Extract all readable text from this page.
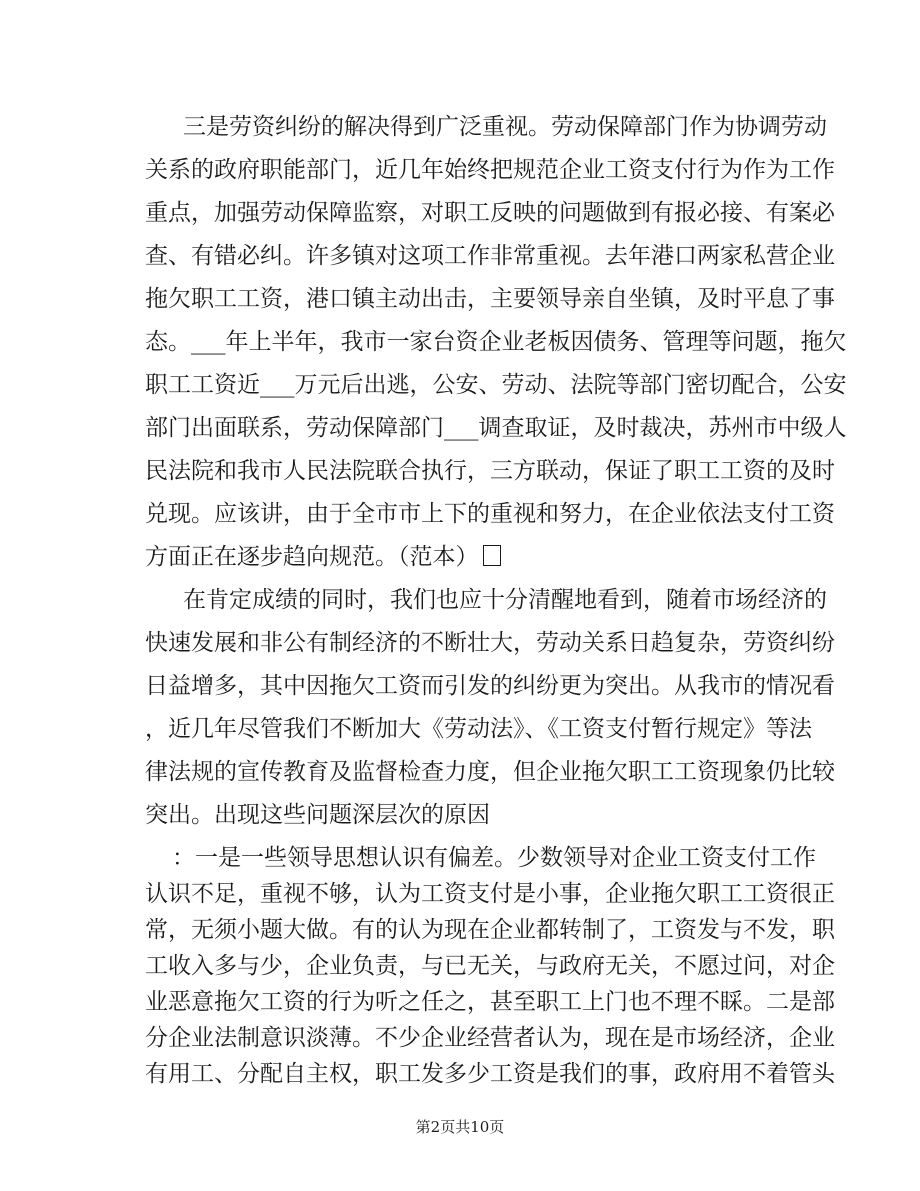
三是劳资纠纷的解决得到广泛重视。劳动保障部门作为协调劳动
关系的政府职能部门，近几年始终把规范企业工资支付行为作为工作
重点，加强劳动保障监察，对职工反映的问题做到有报必接、有案必
查、有错必纠。许多镇对这项工作非常重视。去年港口两家私营企业
拖欠职工工资，港口镇主动出击，主要领导亲自坐镇，及时平息了事
态。___年上半年，我市一家台资企业老板因债务、管理等问题，拖欠
职工工资近___万元后出逃，公安、劳动、法院等部门密切配合，公安
部门出面联系，劳动保障部门___调查取证，及时裁决，苏州市中级人
民法院和我市人民法院联合执行，三方联动，保证了职工工资的及时
兑现。应该讲，由于全市市上下的重视和努力，在企业依法支付工资
方面正在逐步趋向规范。（范本）
在肯定成绩的同时，我们也应十分清醒地看到，随着市场经济的
快速发展和非公有制经济的不断壮大，劳动关系日趋复杂，劳资纠纷
日益增多，其中因拖欠工资而引发的纠纷更为突出。从我市的情况看
，近几年尽管我们不断加大《劳动法》、《工资支付暂行规定》等法
律法规的宣传教育及监督检查力度，但企业拖欠职工工资现象仍比较
突出。出现这些问题深层次的原因
：一是一些领导思想认识有偏差。少数领导对企业工资支付工作
认识不足，重视不够，认为工资支付是小事，企业拖欠职工工资很正
常，无须小题大做。有的认为现在企业都转制了，工资发与不发，职
工收入多与少，企业负责，与已无关，与政府无关，不愿过问，对企
业恶意拖欠工资的行为听之任之，甚至职工上门也不理不睬。二是部
分企业法制意识淡薄。不少企业经营者认为，现在是市场经济，企业
有用工、分配自主权，职工发多少工资是我们的事，政府用不着管头
第2页共10页
